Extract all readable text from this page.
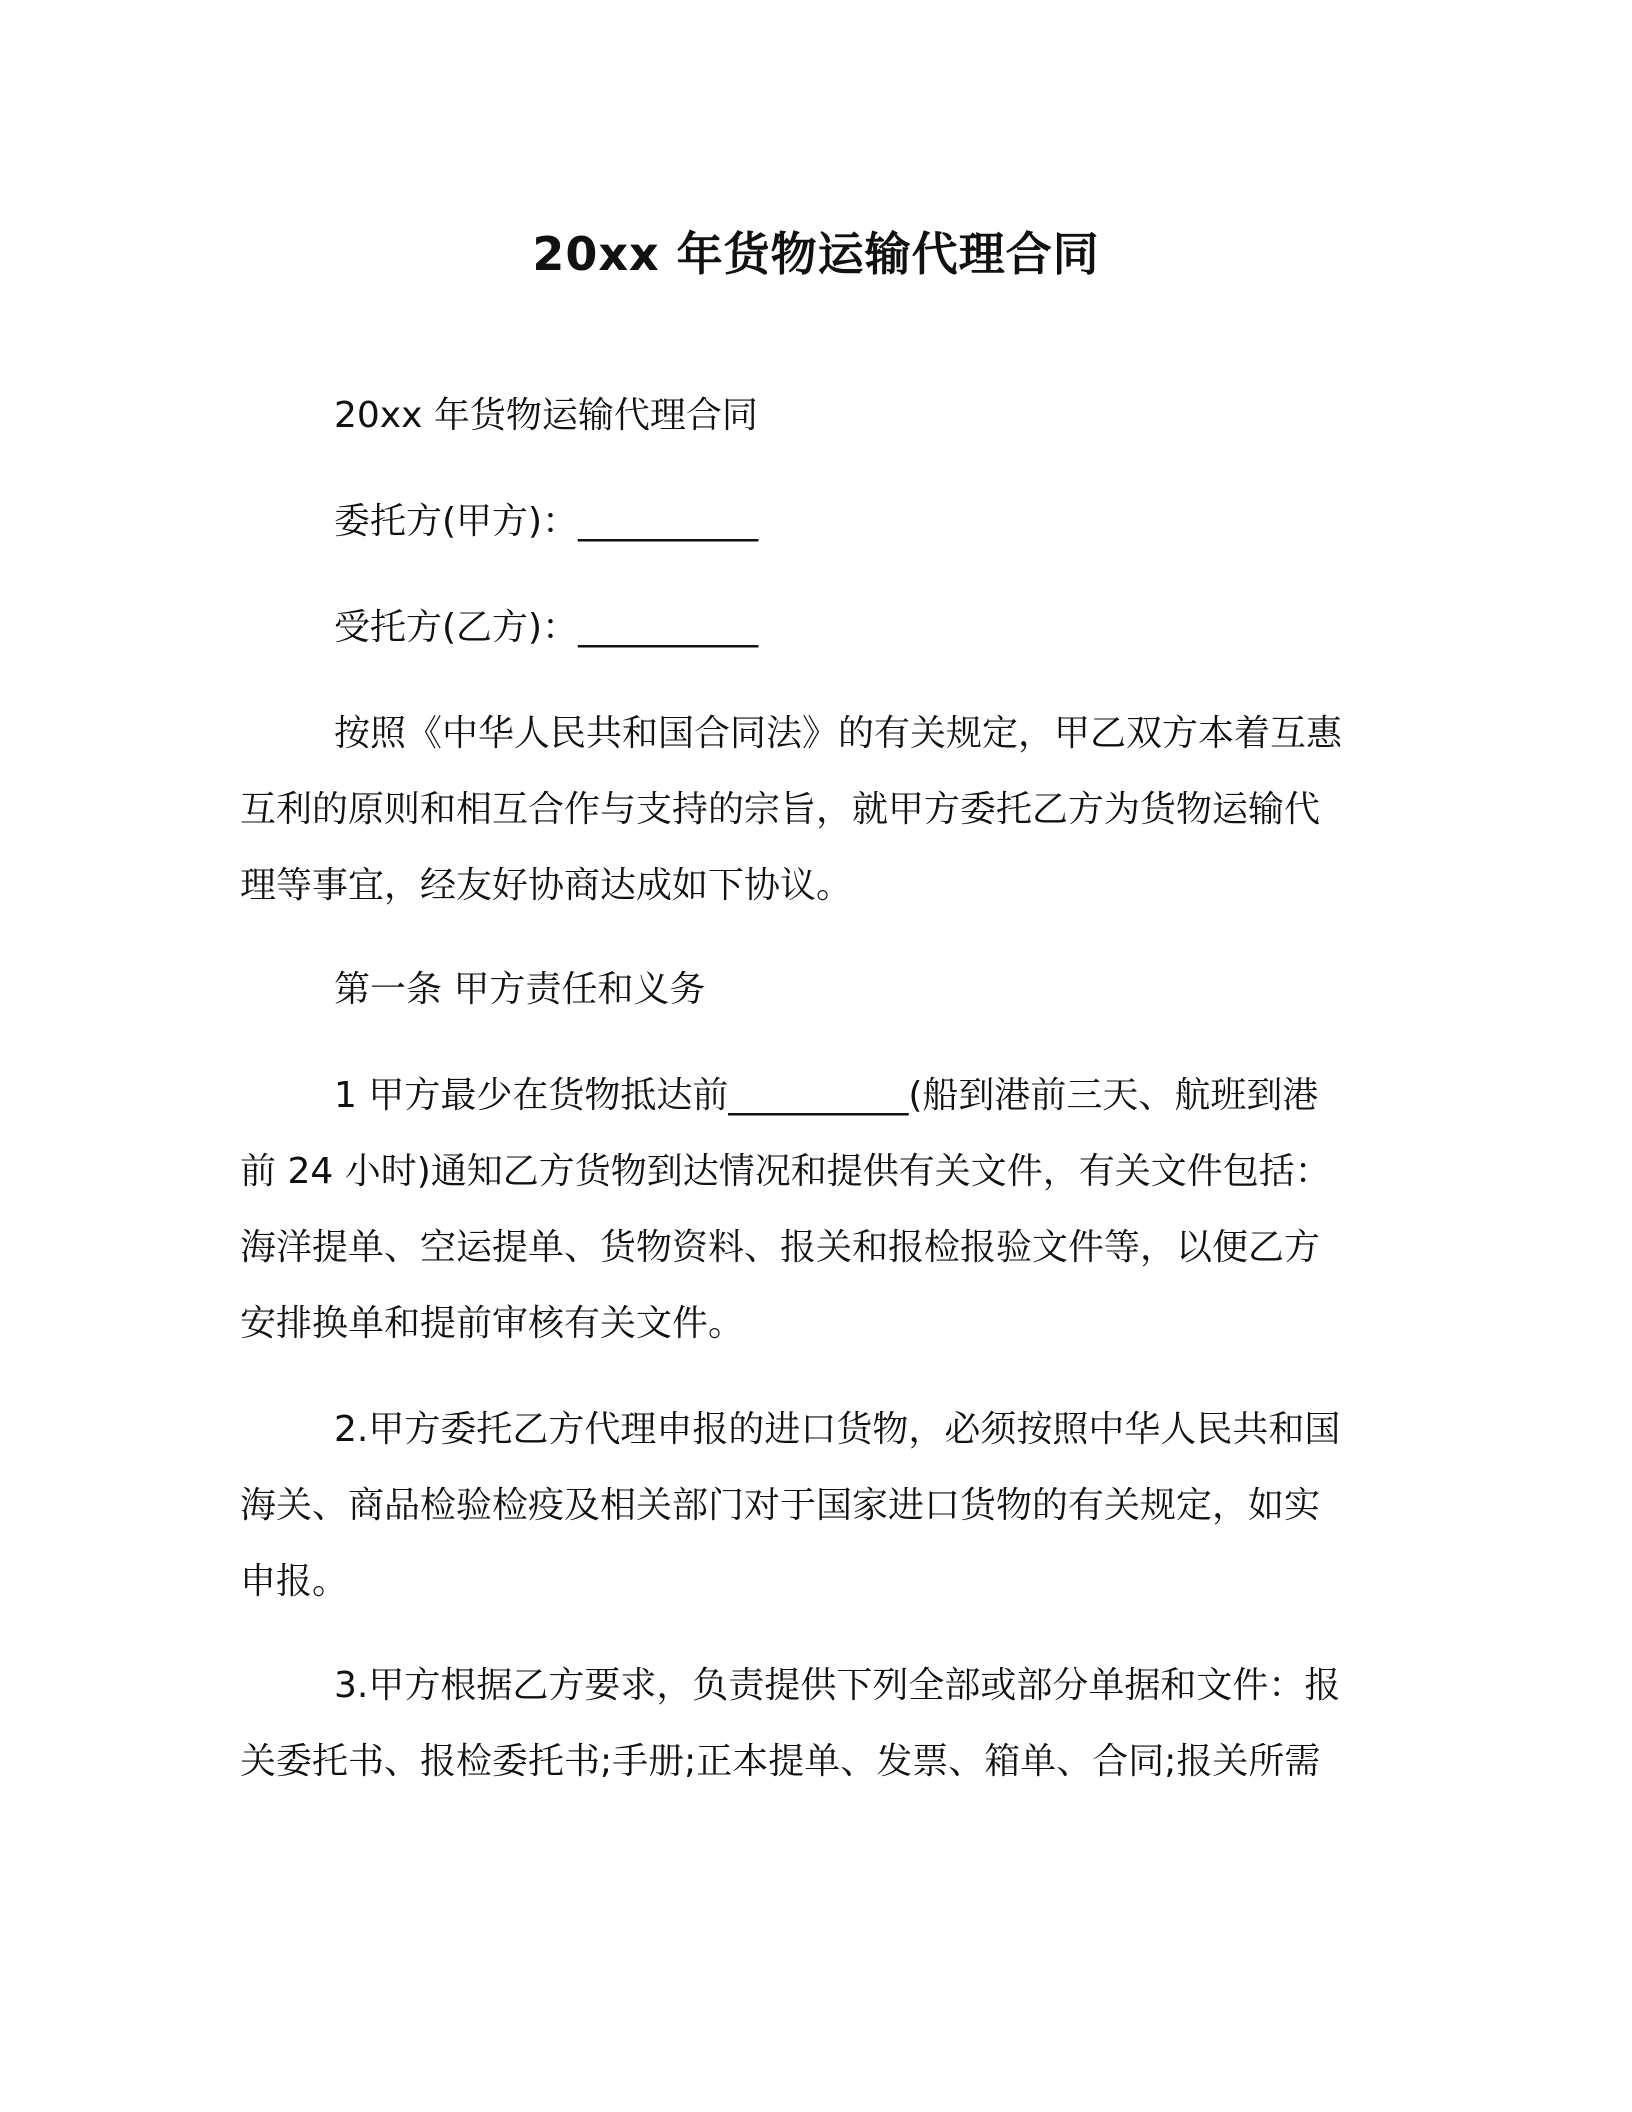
20xx 年货物运输代理合同

20xx 年货物运输代理合同

委托方(甲方)：__________

受托方(乙方)：__________

按照《中华人民共和国合同法》的有关规定，甲乙双方本着互惠

互利的原则和相互合作与支持的宗旨，就甲方委托乙方为货物运输代

理等事宜，经友好协商达成如下协议。

第一条 甲方责任和义务

1 甲方最少在货物抵达前__________(船到港前三天、航班到港

前 24 小时)通知乙方货物到达情况和提供有关文件，有关文件包括：

海洋提单、空运提单、货物资料、报关和报检报验文件等，以便乙方

安排换单和提前审核有关文件。

2.甲方委托乙方代理申报的进口货物，必须按照中华人民共和国

海关、商品检验检疫及相关部门对于国家进口货物的有关规定，如实

申报。

3.甲方根据乙方要求，负责提供下列全部或部分单据和文件：报

关委托书、报检委托书;手册;正本提单、发票、箱单、合同;报关所需
